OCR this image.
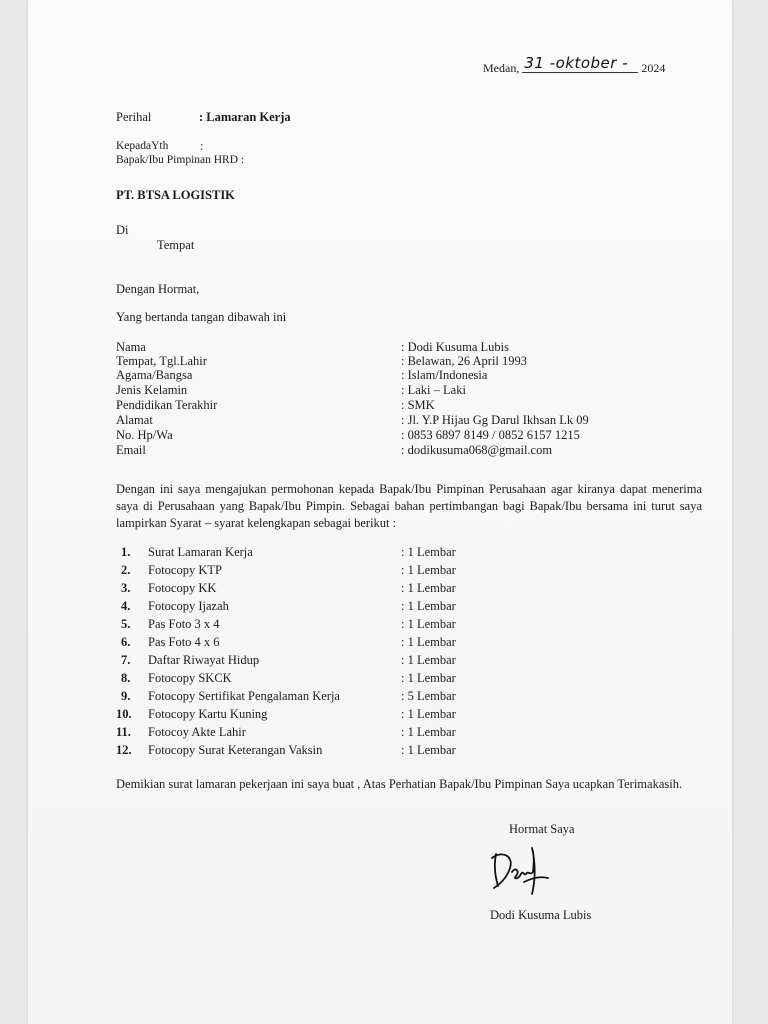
Medan, 31 -oktober - 2024
Perihal	: Lamaran Kerja
KepadaYth	:
Bapak/Ibu Pimpinan HRD :
PT. BTSA LOGISTIK
Di
Tempat
Dengan Hormat,
Yang bertanda tangan dibawah ini
Nama	: Dodi Kusuma Lubis
Tempat, Tgl.Lahir	: Belawan, 26 April 1993
Agama/Bangsa	: Islam/Indonesia
Jenis Kelamin	: Laki – Laki
Pendidikan Terakhir	: SMK
Alamat	: Jl. Y.P Hijau Gg Darul Ikhsan Lk 09
No. Hp/Wa	: 0853 6897 8149 / 0852 6157 1215
Email	: dodikusuma068@gmail.com
Dengan ini saya mengajukan permohonan kepada Bapak/Ibu Pimpinan Perusahaan agar kiranya dapat menerima saya di Perusahaan yang Bapak/Ibu Pimpin. Sebagai bahan pertimbangan bagi Bapak/Ibu bersama ini turut saya lampirkan Syarat – syarat kelengkapan sebagai berikut :
1. Surat Lamaran Kerja	: 1 Lembar
2. Fotocopy KTP	: 1 Lembar
3. Fotocopy KK	: 1 Lembar
4. Fotocopy Ijazah	: 1 Lembar
5. Pas Foto 3 x 4	: 1 Lembar
6. Pas Foto 4 x 6	: 1 Lembar
7. Daftar Riwayat Hidup	: 1 Lembar
8. Fotocopy SKCK	: 1 Lembar
9. Fotocopy Sertifikat Pengalaman Kerja	: 5 Lembar
10. Fotocopy Kartu Kuning	: 1 Lembar
11. Fotocoy Akte Lahir	: 1 Lembar
12. Fotocopy Surat Keterangan Vaksin	: 1 Lembar
Demikian surat lamaran pekerjaan ini saya buat , Atas Perhatian Bapak/Ibu Pimpinan Saya ucapkan Terimakasih.
Hormat Saya
Dodi Kusuma Lubis
